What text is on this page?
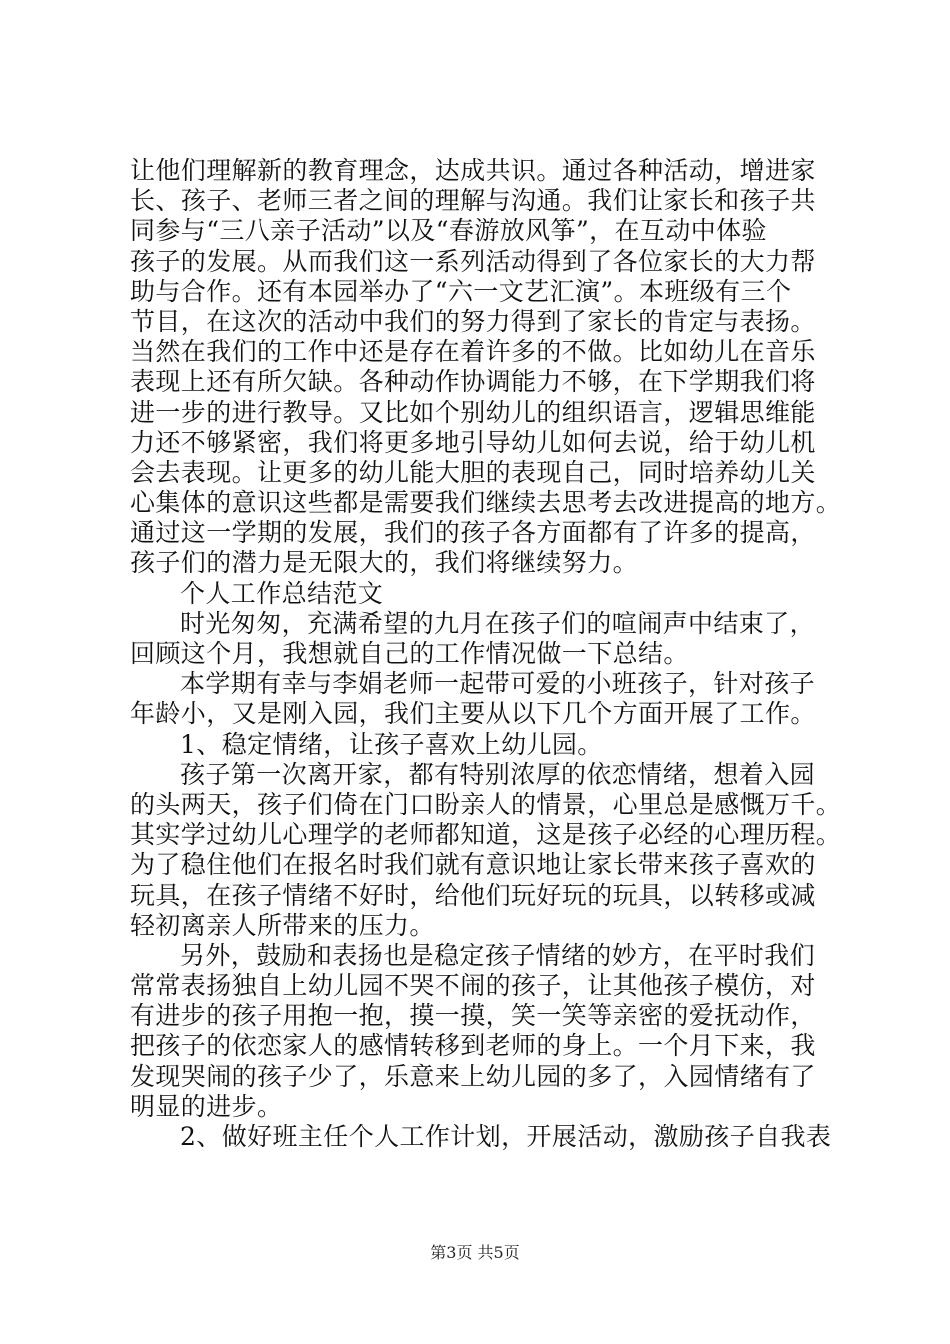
让他们理解新的教育理念，达成共识。通过各种活动，增进家
长、孩子、老师三者之间的理解与沟通。我们让家长和孩子共
同参与“三八亲子活动”以及“春游放风筝”，在互动中体验
孩子的发展。从而我们这一系列活动得到了各位家长的大力帮
助与合作。还有本园举办了“六一文艺汇演”。本班级有三个
节目，在这次的活动中我们的努力得到了家长的肯定与表扬。
当然在我们的工作中还是存在着许多的不做。比如幼儿在音乐
表现上还有所欠缺。各种动作协调能力不够，在下学期我们将
进一步的进行教导。又比如个别幼儿的组织语言，逻辑思维能
力还不够紧密，我们将更多地引导幼儿如何去说，给于幼儿机
会去表现。让更多的幼儿能大胆的表现自己，同时培养幼儿关
心集体的意识这些都是需要我们继续去思考去改进提高的地方。
通过这一学期的发展，我们的孩子各方面都有了许多的提高，
孩子们的潜力是无限大的，我们将继续努力。
个人工作总结范文
时光匆匆，充满希望的九月在孩子们的喧闹声中结束了，
回顾这个月，我想就自己的工作情况做一下总结。
本学期有幸与李娟老师一起带可爱的小班孩子，针对孩子
年龄小，又是刚入园，我们主要从以下几个方面开展了工作。
1、稳定情绪，让孩子喜欢上幼儿园。
孩子第一次离开家，都有特别浓厚的依恋情绪，想着入园
的头两天，孩子们倚在门口盼亲人的情景，心里总是感慨万千。
其实学过幼儿心理学的老师都知道，这是孩子必经的心理历程。
为了稳住他们在报名时我们就有意识地让家长带来孩子喜欢的
玩具，在孩子情绪不好时，给他们玩好玩的玩具，以转移或减
轻初离亲人所带来的压力。
另外，鼓励和表扬也是稳定孩子情绪的妙方，在平时我们
常常表扬独自上幼儿园不哭不闹的孩子，让其他孩子模仿，对
有进步的孩子用抱一抱，摸一摸，笑一笑等亲密的爱抚动作，
把孩子的依恋家人的感情转移到老师的身上。一个月下来，我
发现哭闹的孩子少了，乐意来上幼儿园的多了，入园情绪有了
明显的进步。
2、做好班主任个人工作计划，开展活动，激励孩子自我表
第3页 共5页
